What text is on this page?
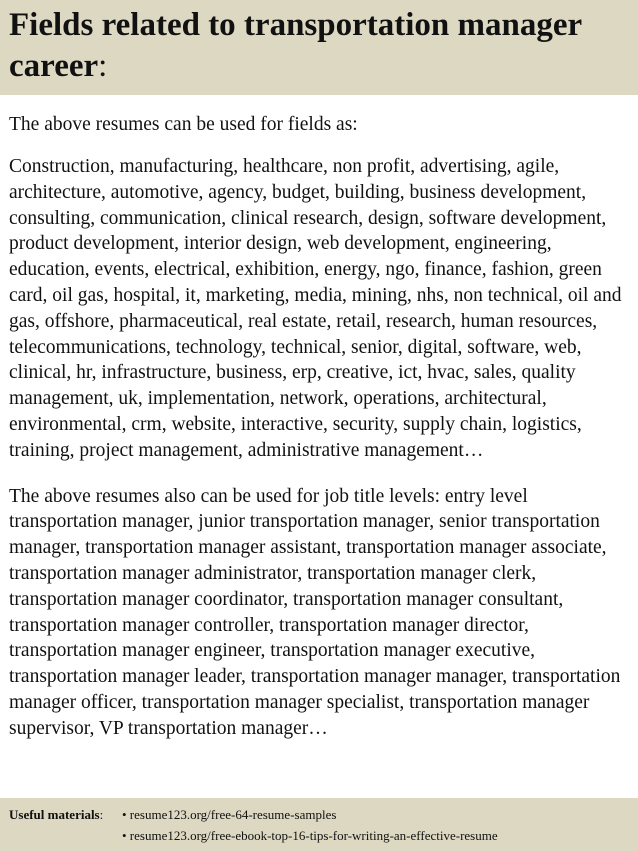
Fields related to transportation manager career:

The above resumes can be used for fields as:

Construction, manufacturing, healthcare, non profit, advertising, agile, architecture, automotive, agency, budget, building, business development, consulting, communication, clinical research, design, software development, product development, interior design, web development, engineering, education, events, electrical, exhibition, energy, ngo, finance, fashion, green card, oil gas, hospital, it, marketing, media, mining, nhs, non technical, oil and gas, offshore, pharmaceutical, real estate, retail, research, human resources, telecommunications, technology, technical, senior, digital, software, web, clinical, hr, infrastructure, business, erp, creative, ict, hvac, sales, quality management, uk, implementation, network, operations, architectural, environmental, crm, website, interactive, security, supply chain, logistics, training, project management, administrative management…

The above resumes also can be used for job title levels: entry level transportation manager, junior transportation manager, senior transportation manager, transportation manager assistant, transportation manager associate, transportation manager administrator, transportation manager clerk, transportation manager coordinator, transportation manager consultant, transportation manager controller, transportation manager director, transportation manager engineer, transportation manager executive, transportation manager leader, transportation manager manager, transportation manager officer, transportation manager specialist, transportation manager supervisor, VP transportation manager…

Useful materials:	• resume123.org/free-64-resume-samples
• resume123.org/free-ebook-top-16-tips-for-writing-an-effective-resume
